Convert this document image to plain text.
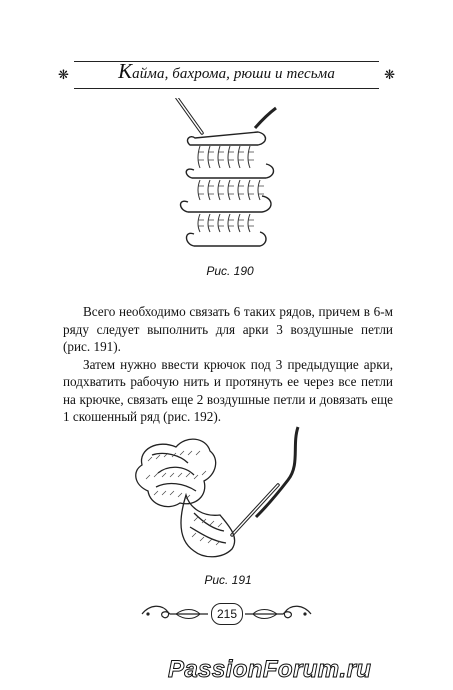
❋	Кайма, бахрома, рюши и тесьма	❋
Рис. 190

Всего необходимо связать 6 таких рядов, причем в 6-м ряду следует выполнить для арки 3 воздушные петли (рис. 191).

Затем нужно ввести крючок под 3 предыдущие арки, подхватить рабочую нить и протянуть ее через все петли на крючке, связать еще 2 воздушные петли и довязать еще 1 скошенный ряд (рис. 192).

Рис. 191
215
PassionForum.ru
